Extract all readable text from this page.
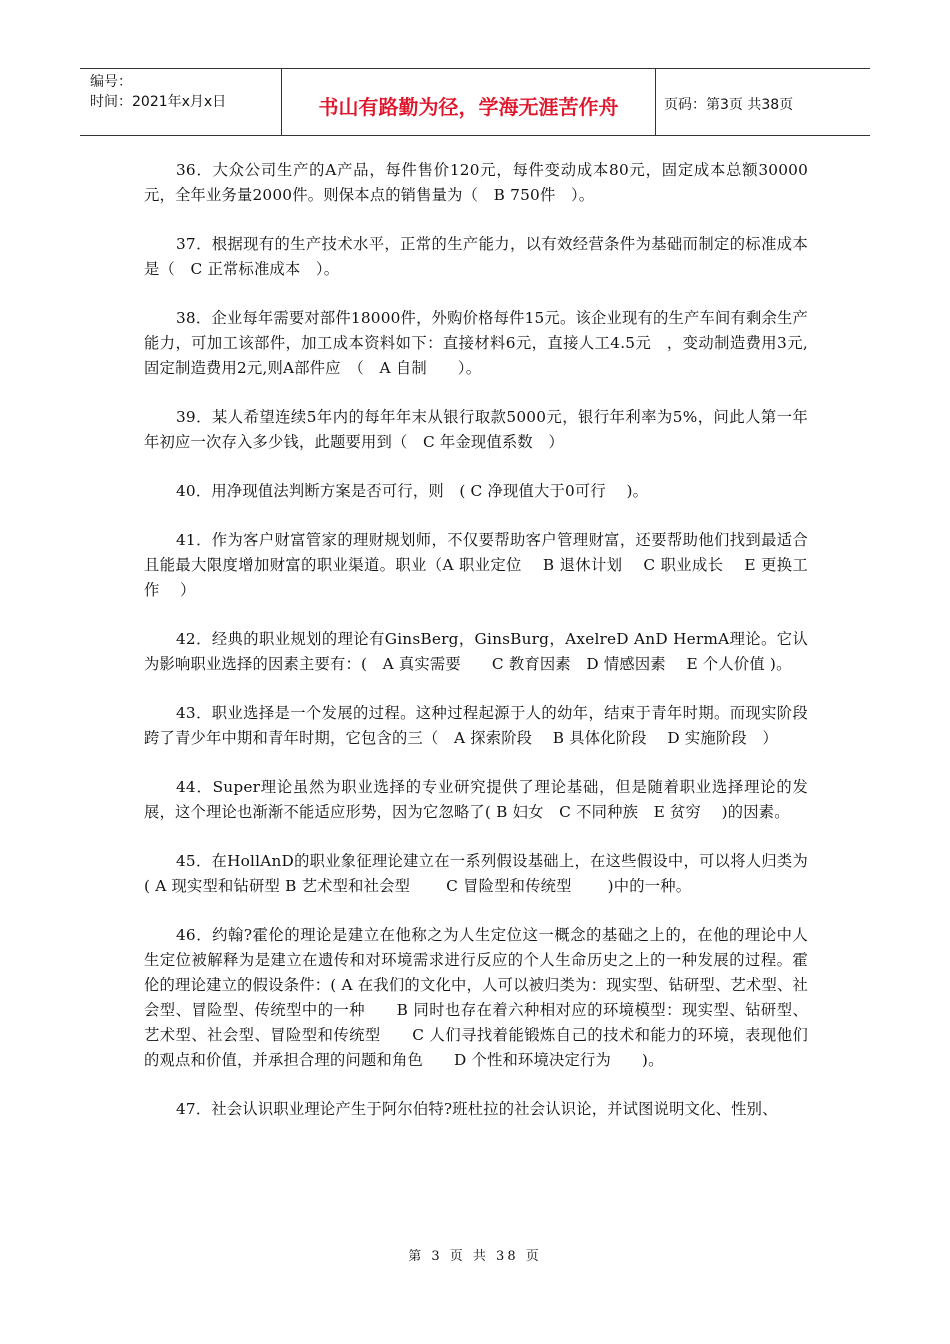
编号：
时间：2021年x月x日	书山有路勤为径，学海无涯苦作舟	页码：第3页 共38页

36．大众公司生产的A产品，每件售价120元，每件变动成本80元，固定成本总额30000元，全年业务量2000件。则保本点的销售量为（　B 750件　）。

37．根据现有的生产技术水平，正常的生产能力，以有效经营条件为基础而制定的标准成本是（　C 正常标准成本　）。

38．企业每年需要对部件18000件，外购价格每件15元。该企业现有的生产车间有剩余生产能力，可加工该部件，加工成本资料如下：直接材料6元，直接人工4.5元　，变动制造费用3元,固定制造费用2元,则A部件应　（　A 自制　　）。

39．某人希望连续5年内的每年年末从银行取款5000元，银行年利率为5%，问此人第一年年初应一次存入多少钱，此题要用到（　C 年金现值系数　）

40．用净现值法判断方案是否可行，则　( C 净现值大于0可行　 )。

41．作为客户财富管家的理财规划师，不仅要帮助客户管理财富，还要帮助他们找到最适合且能最大限度增加财富的职业渠道。职业（A 职业定位　 B 退休计划　 C 职业成长　 E 更换工作　 ）

42．经典的职业规划的理论有GinsBerg，GinsBurg，AxelreD AnD HermA理论。它认为影响职业选择的因素主要有：(　A 真实需要　　C 教育因素　D 情感因素　 E 个人价值 )。

43．职业选择是一个发展的过程。这种过程起源于人的幼年，结束于青年时期。而现实阶段跨了青少年中期和青年时期，它包含的三（　A 探索阶段　 B 具体化阶段　 D 实施阶段　）

44．Super理论虽然为职业选择的专业研究提供了理论基础，但是随着职业选择理论的发展，这个理论也渐渐不能适应形势，因为它忽略了( B 妇女　C 不同种族　E 贫穷　 )的因素。

45．在HollAnD的职业象征理论建立在一系列假设基础上，在这些假设中，可以将人归类为( A 现实型和钻研型 B 艺术型和社会型　　 C 冒险型和传统型　　 )中的一种。

46．约翰?霍伦的理论是建立在他称之为人生定位这一概念的基础之上的，在他的理论中人生定位被解释为是建立在遗传和对环境需求进行反应的个人生命历史之上的一种发展的过程。霍伦的理论建立的假设条件：( A 在我们的文化中，人可以被归类为：现实型、钻研型、艺术型、社会型、冒险型、传统型中的一种　　B 同时也存在着六种相对应的环境模型：现实型、钻研型、艺术型、社会型、冒险型和传统型　　C 人们寻找着能锻炼自己的技术和能力的环境，表现他们的观点和价值，并承担合理的问题和角色　　D 个性和环境决定行为　　)。

47．社会认识职业理论产生于阿尔伯特?班杜拉的社会认识论，并试图说明文化、性别、

第 3 页 共 38 页
